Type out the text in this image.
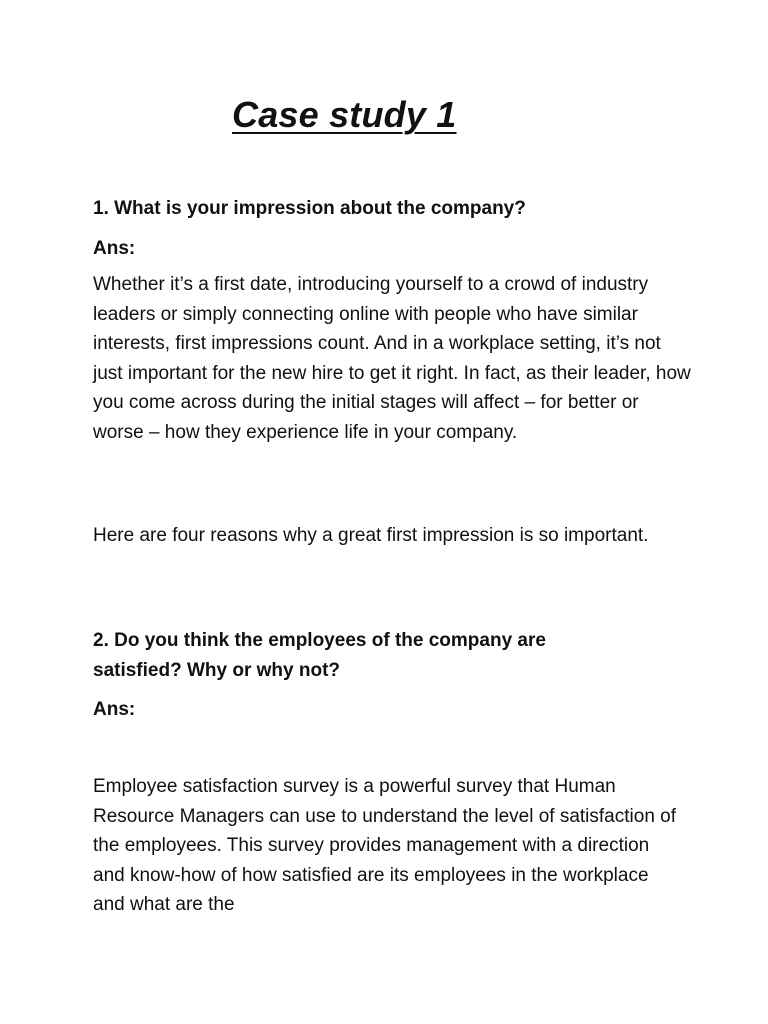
Case study 1
1. What is your impression about the company?
Ans:
Whether it’s a first date, introducing yourself to a crowd of industry leaders or simply connecting online with people who have similar interests, first impressions count. And in a workplace setting, it’s not just important for the new hire to get it right. In fact, as their leader, how you come across during the initial stages will affect – for better or worse – how they experience life in your company.
Here are four reasons why a great first impression is so important.
2. Do you think the employees of the company are satisfied? Why or why not?
Ans:
Employee satisfaction survey is a powerful survey that Human Resource Managers can use to understand the level of satisfaction of the employees. This survey provides management with a direction and know-how of how satisfied are its employees in the workplace and what are the
